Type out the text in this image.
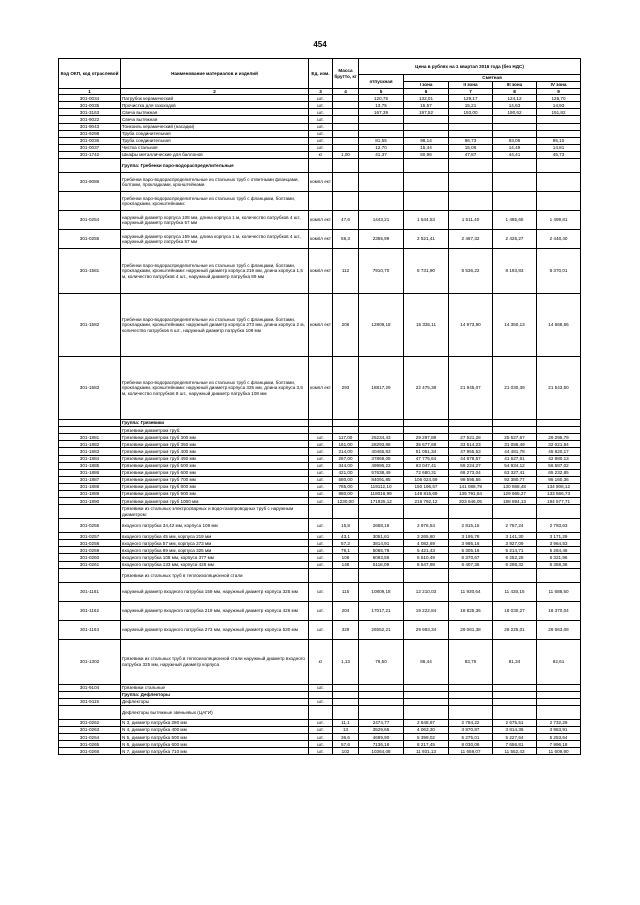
454
Код ОКП, код отраслевой	Наименование материалов и изделий	Ед. изм.	Масса брутто, кг	Цена в рублях на 1 квартал 2016 года (без НДС)				
				отпускная	Сметная			
					I зона	II зона	III зона	IV зона
1	2	3	4	5	6	7	8	9
301-0034	Патрубок керамический	шт.		120,75	132,01	129,17	124,12	126,70
301-0035	Прочистка для газоходов	шт.		13,75	15,57	15,21	14,63	14,93
301-3163	Свеча вытяжная	шт.		167,39	197,52	193,00	190,62	191,82
301-9022	Свеча вытяжная	шт.						
301-9043	Тонкоиль керамический (насадки)	шт.						
301-9298	Труба соединительная	шт.						
301-0036	Труба соединительная	шт.		81,55	98,14	96,73	93,06	95,10
301-0037	Чистка стальная	шт.		12,70	15,44	15,06	14,49	14,81
301-1742	Шкафы металлические для баллонов	кг	1,00	41,37	50,96	47,87	44,41	45,73
	Группа: Гребенки паро-водораспределительные							
301-9086	Гребенки паро-водораспределительные из стальных труб с ответными фланцами, болтами, прокладками, кронштейнами	компл ект						
	Гребенки паро-водораспределительные из стальных труб с фланцами, болтами, прокладками, кронштейнами:							
301-0254	наружный диаметр корпуса 108 мм, длина корпуса 1 м, количество патрубков 4 шт., наружный диаметр патрубка 57 мм	компл ект	47,6	1443,21	1 544,53	1 511,40	1 485,65	1 499,81
301-0255	наружный диаметр корпуса 159 мм, длина корпуса 1 м, количество патрубков 4 шт., наружный диаметр патрубка 57 мм	компл ект	59,3	2355,99	2 521,41	2 467,32	2 425,27	2 448,40
301-1581	Гребенки паро-водораспределительные из стальных труб с фланцами, болтами, прокладками, кронштейнами: наружный диаметр корпуса 219 мм, длина корпуса 1,5 м, количество патрубков 4 шт., наружный диаметр патрубка 89 мм	компл ект	112	7910,70	8 731,90	8 536,22	8 193,83	8 370,01
301-1582	Гребенки паро-водораспределительные из стальных труб с фланцами, болтами, прокладками, кронштейнами: наружный диаметр корпуса 273 мм, длина корпуса 2 м, количество патрубков 6 шт., наружный диаметр патрубка 108 мм	компл ект	206	12809,18	15 335,11	14 973,90	14 350,13	14 668,56
301-1583	Гребенки паро-водораспределительные из стальных труб с фланцами, болтами, прокладками, кронштейнами: наружный диаметр корпуса 325 мм, длина корпуса 3,5 м, количество патрубков 8 шт., наружный диаметр патрубка 108 мм	компл ект	293	18817,29	22 475,38	21 945,07	21 030,39	21 543,50
	Группа: Грязевики							
	Грязевики диаметром труб:							
301-1881	Грязевики диаметром труб 300 мм	шт.	117,00	25234,43	29 297,89	27 521,28	25 527,67	26 295,79
301-1882	Грязевики диаметром труб 350 мм	шт.	161,00	28293,88	35 677,69	33 514,23	31 086,49	32 021,84
301-1883	Грязевики диаметром труб 400 мм	шт.	214,00	40465,83	51 051,34	47 955,53	44 481,78	45 820,17
301-1884	Грязевики диаметром труб 450 мм	шт.	267,00	37868,08	47 775,64	44 878,57	41 627,61	42 880,13
301-1885	Грязевики диаметром труб 500 мм	шт.	344,00	49996,23	63 047,41	59 224,27	54 934,12	56 587,02
301-1886	Грязевики диаметром труб 600 мм	шт.	421,00	57638,49	72 680,31	68 273,04	63 327,41	65 232,85
301-1887	Грязевики диаметром труб 700 мм	шт.	580,00	84091,85	106 024,59	99 595,56	92 380,77	95 160,36
301-1888	Грязевики диаметром труб 800 мм	шт.	785,00	119112,10	150 196,57	141 088,79	130 868,48	134 806,12
301-1889	Грязевики диаметром труб 900 мм	шт.	980,00	118016,99	148 815,69	139 791,64	129 665,27	133 566,73
301-1890	Грязевики диаметром труб 1000 мм	шт.	1230,00	171925,12	216 792,12	203 646,05	188 894,13	194 577,71
	Грязевики из стальных электросварных и водо-газопроводных труб с наружным диаметром:							
301-0256	входного патрубка 34,42 мм, корпуса 108 мм	шт.	15,8	2658,19	2 876,54	2 815,15	2 767,24	2 793,63
301-0257	входного патрубка 45 мм, корпуса 219 мм	шт.	43,1	3051,61	3 265,80	3 195,78	3 141,30	3 171,29
301-0258	входного патрубка 57 мм, корпуса 273 мм	шт.	57,2	3814,91	4 082,69	3 995,16	3 927,09	3 964,53
301-0259	входного патрубка 89 мм, корпуса 325 мм	шт.	79,1	5065,78	5 421,43	5 305,16	5 214,71	5 264,46
301-0260	входного патрубка 108 мм, корпуса 377 мм	шт.	106	6093,56	6 510,49	6 370,67	6 252,25	6 321,96
301-0261	входного патрубка 133 мм, корпуса 426 мм	шт.	148	5118,09	6 547,98	6 407,36	6 298,32	6 358,38
	Грязевики из стальных труб в теплоизоляционной стали							
301-1161	наружный диаметр входного патрубка 159 мм, наружный диаметр корпуса 325 мм	шт.	115	10809,18	12 210,03	11 930,64	11 430,15	11 688,50
301-1162	наружный диаметр входного патрубка 219 мм, наружный диаметр корпуса 426 мм	шт.	204	17017,21	19 222,84	18 825,36	18 030,27	18 370,04
301-1163	наружный диаметр входного патрубка 273 мм, наружный диаметр корпуса 530 мм	шт.	329	26552,21	29 993,34	29 061,38	28 225,01	28 663,08
301-1302	Грязевики из стальных труб в теплоизоляционной стали наружный диаметр входного патрубка 325 мм, наружный диаметр корпуса	кг	1,13	76,50	86,44	83,75	81,34	82,61
301-9104	Грязевики стальные	шт.						
	Группа: Дефлекторы							
301-9115	Дефлекторы	шт.						
	Дефлекторы вытяжные звеньевых (ЦАГИ)							
301-0262	N 3, диаметр патрубка 280 мм	шт.	11,1	2474,77	2 848,97	2 784,22	2 675,51	2 732,29
301-0263	N 4, диаметр патрубка 400 мм	шт.	13	3529,65	4 063,30	3 970,87	3 814,36	3 953,91
301-0264	N 5, диаметр патрубка 500 мм	шт.	36,6	4689,90	5 399,02	5 275,01	5 227,64	5 253,64
301-0265	N 6, диаметр патрубка 600 мм	шт.	57,6	7136,16	8 217,45	8 030,06	7 656,81	7 996,18
301-0266	N 7, диаметр патрубка 710 мм	шт.	102	10364,08	11 931,13	11 659,07	11 552,43	11 609,90
